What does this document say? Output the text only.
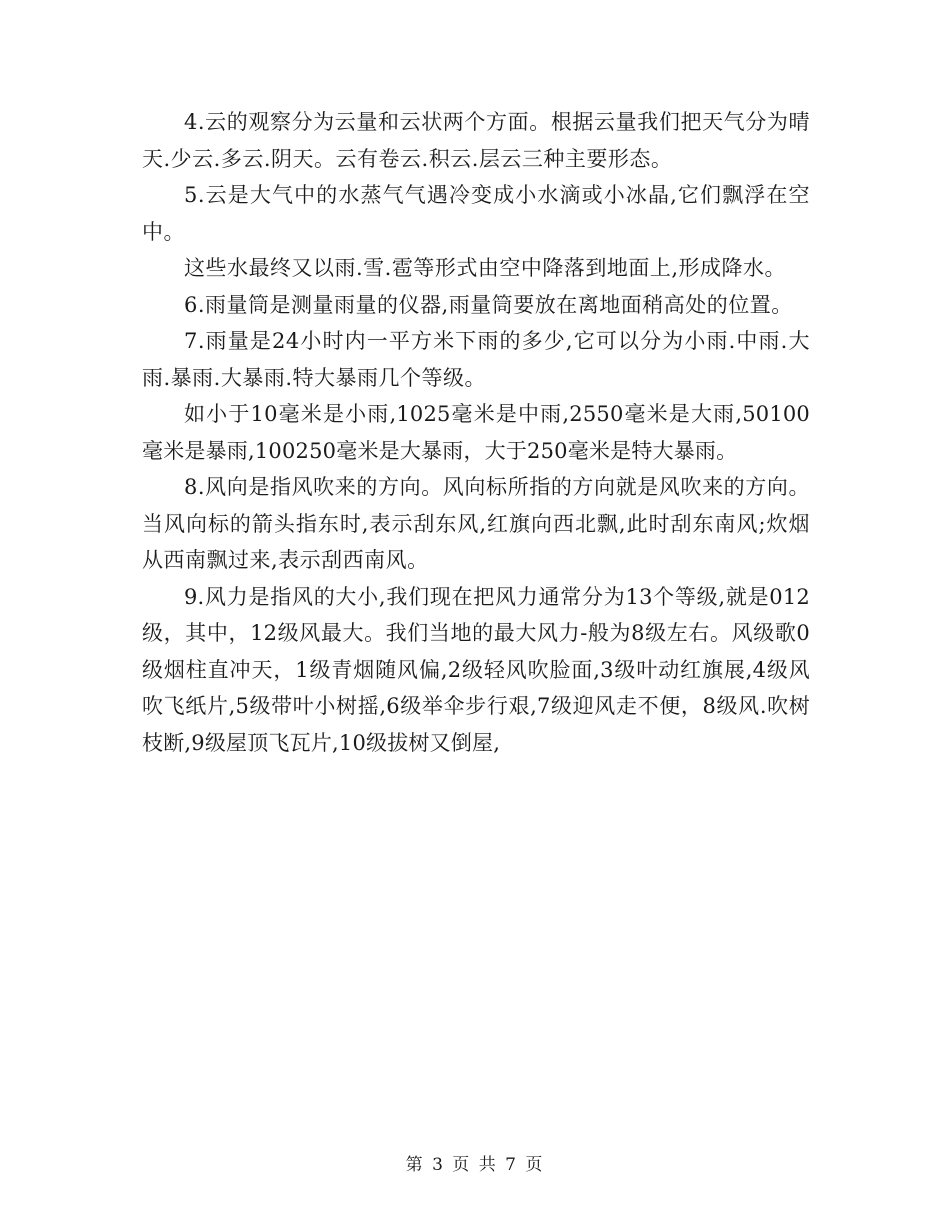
4.云的观察分为云量和云状两个方面。根据云量我们把天气分为晴天.少云.多云.阴天。云有卷云.积云.层云三种主要形态。

5.云是大气中的水蒸气气遇冷变成小水滴或小冰晶,它们飘浮在空中。

这些水最终又以雨.雪.雹等形式由空中降落到地面上,形成降水。

6.雨量筒是测量雨量的仪器,雨量筒要放在离地面稍高处的位置。

7.雨量是24小时内一平方米下雨的多少,它可以分为小雨.中雨.大雨.暴雨.大暴雨.特大暴雨几个等级。

如小于10毫米是小雨,1025毫米是中雨,2550毫米是大雨,50100毫米是暴雨,100250毫米是大暴雨，大于250毫米是特大暴雨。

8.风向是指风吹来的方向。风向标所指的方向就是风吹来的方向。当风向标的箭头指东时,表示刮东风,红旗向西北飘,此时刮东南风;炊烟从西南飘过来,表示刮西南风。

9.风力是指风的大小,我们现在把风力通常分为13个等级,就是012级，其中，12级风最大。我们当地的最大风力-般为8级左右。风级歌0级烟柱直冲天，1级青烟随风偏,2级轻风吹脸面,3级叶动红旗展,4级风吹飞纸片,5级带叶小树摇,6级举伞步行艰,7级迎风走不便，8级风.吹树枝断,9级屋顶飞瓦片,10级拔树又倒屋,

第 3 页 共 7 页
